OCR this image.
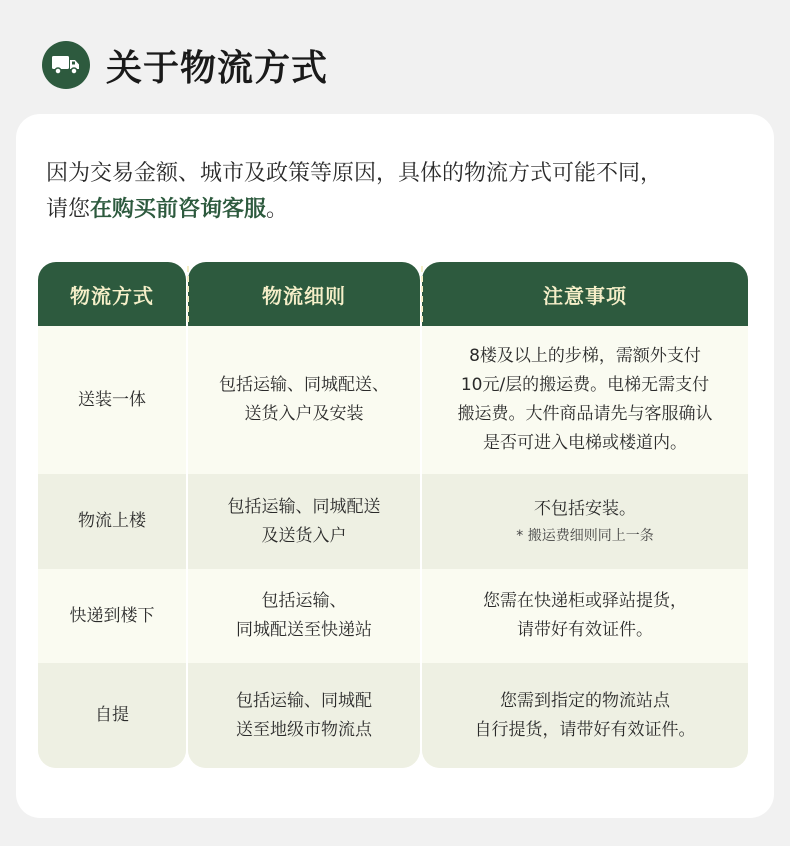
关于物流方式
因为交易金额、城市及政策等原因，具体的物流方式可能不同，
请您在购买前咨询客服。
物流方式
送装一体
物流上楼
快递到楼下
自提
物流细则
包括运输、同城配送、
送货入户及安装
包括运输、同城配送
及送货入户
包括运输、
同城配送至快递站
包括运输、同城配
送至地级市物流点
注意事项
8楼及以上的步梯，需额外支付
10元/层的搬运费。电梯无需支付
搬运费。大件商品请先与客服确认
是否可进入电梯或楼道内。
不包括安装。
* 搬运费细则同上一条
您需在快递柜或驿站提货，
请带好有效证件。
您需到指定的物流站点
自行提货，请带好有效证件。
